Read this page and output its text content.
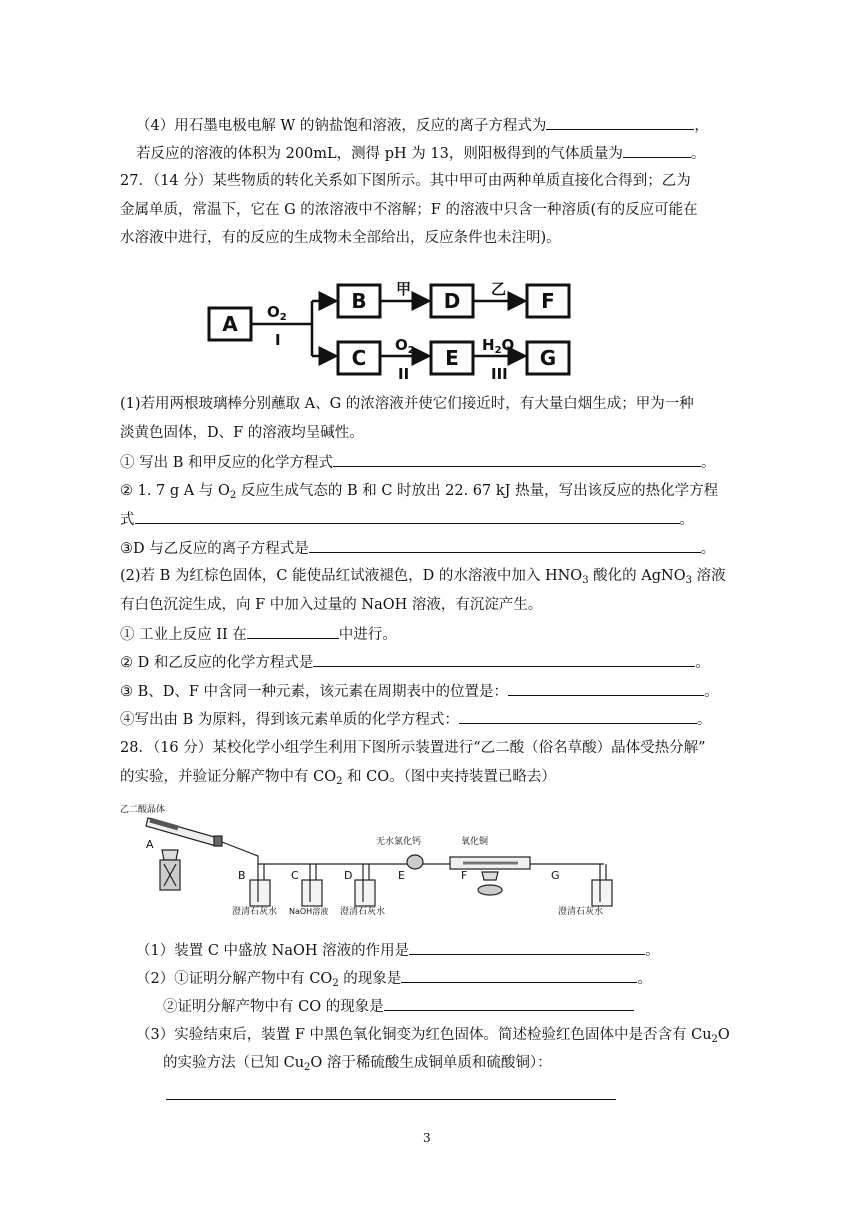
（4）用石墨电极电解 W 的钠盐饱和溶液，反应的离子方程式为	，
若反应的溶液的体积为 200mL，测得 pH 为 13，则阳极得到的气体质量为	。
27．（14 分）某些物质的转化关系如下图所示。其中甲可由两种单质直接化合得到；乙为
金属单质，常温下，它在 G 的浓溶液中不溶解；F 的溶液中只含一种溶质(有的反应可能在
水溶液中进行，有的反应的生成物未全部给出，反应条件也未注明)。
A
B
C
D
E
F
G
$O_2$
I
甲	乙
$O_2$
II
$H_2O$
III
(1)若用两根玻璃棒分别蘸取 A、G 的浓溶液并使它们接近时，有大量白烟生成；甲为一种
淡黄色固体，D、F 的溶液均呈碱性。
① 写出 B 和甲反应的化学方程式	。
② 1. 7 g A 与 $O_2$ 反应生成气态的 B 和 C 时放出 22. 67 kJ 热量，写出该反应的热化学方程
式	。
③D 与乙反应的离子方程式是	。
(2)若 B 为红棕色固体，C 能使品红试液褪色，D 的水溶液中加入 $HNO_3$ 酸化的 AgNO$_3$ 溶液
有白色沉淀生成，向 F 中加入过量的 NaOH 溶液，有沉淀产生。
① 工业上反应 II 在	中进行。
② D 和乙反应的化学方程式是	。
③ B、D、F 中含同一种元素，该元素在周期表中的位置是：	。
④写出由 B 为原料，得到该元素单质的化学方程式：	。
28．（16 分）某校化学小组学生利用下图所示装置进行“乙二酸（俗名草酸）晶体受热分解”
的实验，并验证分解产物中有 $CO_2$ 和 CO。（图中夹持装置已略去）
乙二酸晶体
A
B	C	D	E	F	G
无水氯化钙	氧化铜
澄清石灰水 NaOH溶液 澄清石灰水	澄清石灰水
（1）装置 C 中盛放 NaOH 溶液的作用是	。
（2）①证明分解产物中有 $CO_2$ 的现象是	。
②证明分解产物中有 CO 的现象是
（3）实验结束后，装置 F 中黑色氧化铜变为红色固体。简述检验红色固体中是否含有 $Cu_2O$
的实验方法（已知 $Cu_2O$ 溶于稀硫酸生成铜单质和硫酸铜）：
3
